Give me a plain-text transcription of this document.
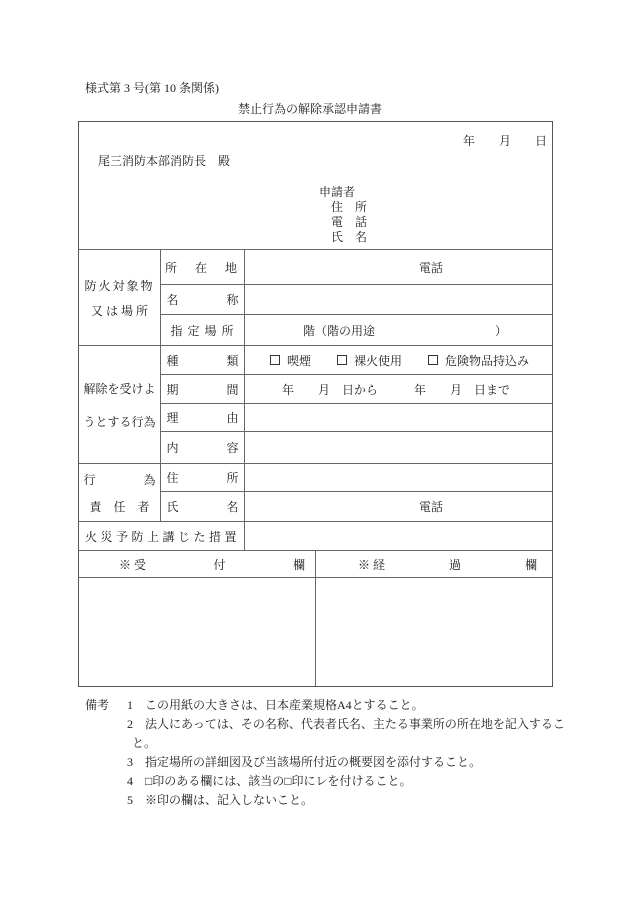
様式第 3 号(第 10 条関係)
禁止行為の解除承認申請書
年　　月　　日
尾三消防本部消防長　殿
申請者
住　所
電　話
氏　名
防火対象物
又 は 場 所
所　在　地	電話
名　　　　称
指 定 場 所	階（階の用途	）
解除を受けよ
うとする行為
種　　　　類	喫煙	裸火使用	危険物品持込み
期　　　　間	年　　月　日から　　　年　　月　日まで
理　　　　由
内　　　　容
行　　　　為
責　任　者
住　　　　所
氏　　　　名	電話
火災予防上講じた措置
※ 受	付	欄	※ 経	過	欄
備考 1 この用紙の大きさは、日本産業規格A4とすること。
2 法人にあっては、その名称、代表者氏名、主たる事業所の所在地を記入するこ
と。
3 指定場所の詳細図及び当該場所付近の概要図を添付すること。
4 □印のある欄には、該当の□印にレを付けること。
5 ※印の欄は、記入しないこと。
